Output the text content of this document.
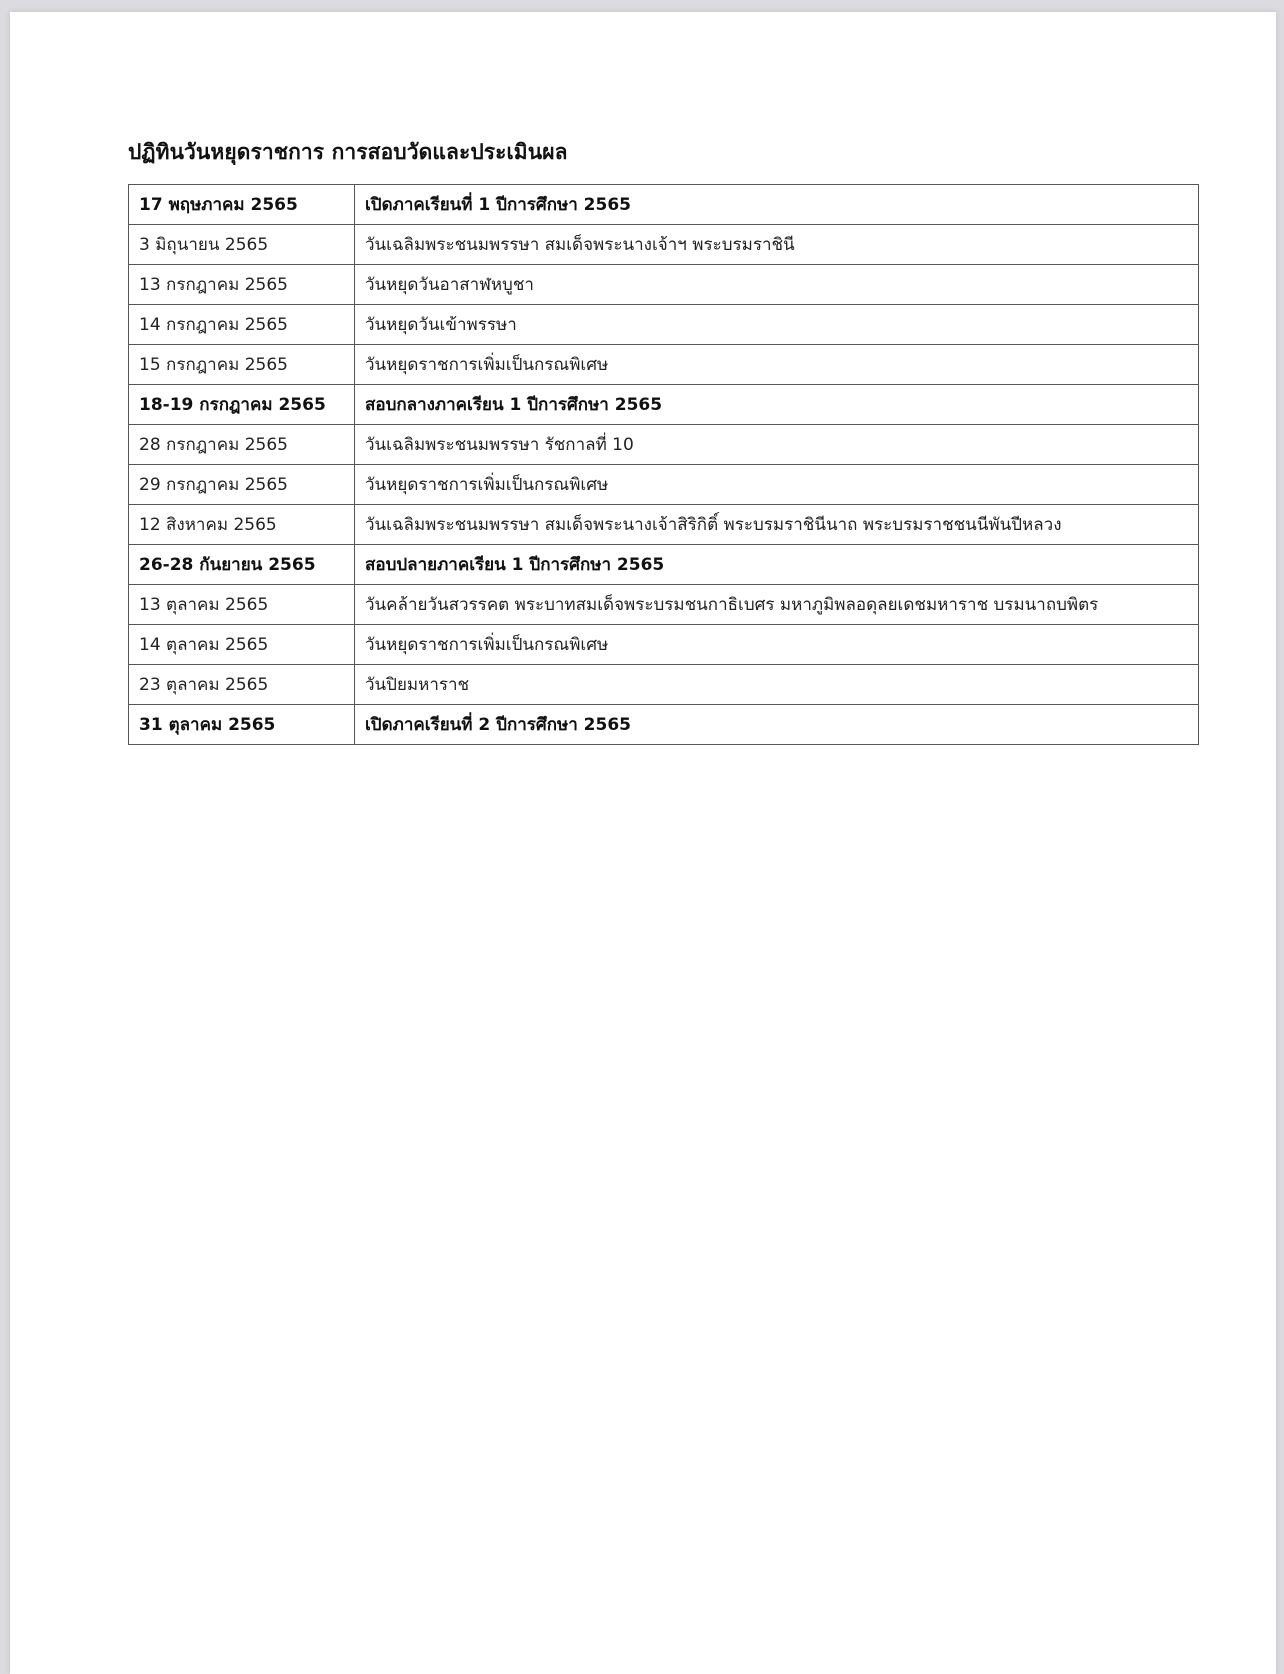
ปฏิทินวันหยุดราชการ การสอบวัดและประเมินผล
17 พฤษภาคม 2565	เปิดภาคเรียนที่ 1 ปีการศึกษา 2565
3 มิถุนายน 2565	วันเฉลิมพระชนมพรรษา สมเด็จพระนางเจ้าฯ พระบรมราชินี
13 กรกฎาคม 2565	วันหยุดวันอาสาฬหบูชา
14 กรกฎาคม 2565	วันหยุดวันเข้าพรรษา
15 กรกฎาคม 2565	วันหยุดราชการเพิ่มเป็นกรณพิเศษ
18-19 กรกฎาคม 2565	สอบกลางภาคเรียน 1 ปีการศึกษา 2565
28 กรกฎาคม 2565	วันเฉลิมพระชนมพรรษา รัชกาลที่ 10
29 กรกฎาคม 2565	วันหยุดราชการเพิ่มเป็นกรณพิเศษ
12 สิงหาคม 2565	วันเฉลิมพระชนมพรรษา สมเด็จพระนางเจ้าสิริกิติ์ พระบรมราชินีนาถ พระบรมราชชนนีพันปีหลวง
26-28 กันยายน 2565	สอบปลายภาคเรียน 1 ปีการศึกษา 2565
13 ตุลาคม 2565	วันคล้ายวันสวรรคต พระบาทสมเด็จพระบรมชนกาธิเบศร มหาภูมิพลอดุลยเดชมหาราช บรมนาถบพิตร
14 ตุลาคม 2565	วันหยุดราชการเพิ่มเป็นกรณพิเศษ
23 ตุลาคม 2565	วันปิยมหาราช
31 ตุลาคม 2565	เปิดภาคเรียนที่ 2 ปีการศึกษา 2565
